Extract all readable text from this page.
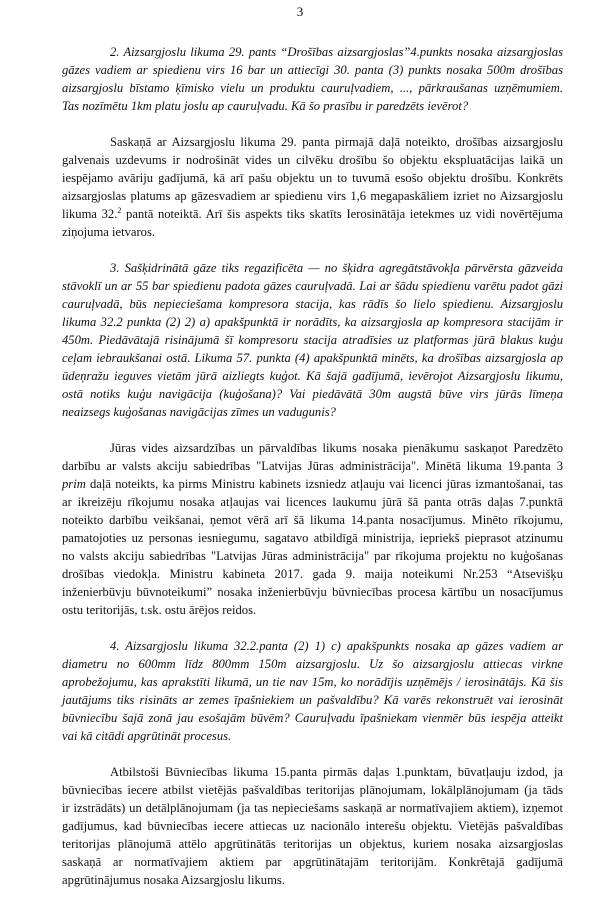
3
2. Aizsargjoslu likuma 29. pants “Drošības aizsargjoslas”4.punkts nosaka aizsargjoslas
gāzes vadiem ar spiedienu virs 16 bar un attiecīgi 30. panta (3) punkts nosaka 500m drošības
aizsargjoslu bīstamo ķīmisko vielu un produktu cauruļvadiem, ..., pārkraušanas uzņēmumiem.
Tas nozīmētu 1km platu joslu ap cauruļvadu. Kā šo prasību ir paredzēts ievērot?
Saskaņā ar Aizsargjoslu likuma 29. panta pirmajā daļā noteikto, drošības aizsargjoslu
galvenais uzdevums ir nodrošināt vides un cilvēku drošību šo objektu ekspluatācijas laikā un
iespējamo avāriju gadījumā, kā arī pašu objektu un to tuvumā esošo objektu drošību. Konkrēts
aizsargjoslas platums ap gāzesvadiem ar spiedienu virs 1,6 megapaskāliem izriet no Aizsargjoslu
likuma 32.$^2$ pantā noteiktā. Arī šis aspekts tiks skatīts Ierosinātāja ietekmes uz vidi novērtējuma
ziņojuma ietvaros.
3. Sašķidrinātā gāze tiks regazificēta — no šķidra agregātstāvokļa pārvērsta gāzveida
stāvoklī un ar 55 bar spiedienu padota gāzes cauruļvadā. Lai ar šādu spiedienu varētu padot gāzi
cauruļvadā, būs nepieciešama kompresora stacija, kas rādīs šo lielo spiedienu. Aizsargjoslu
likuma 32.2 punkta (2) 2) a) apakšpunktā ir norādīts, ka aizsargjosla ap kompresora stacijām ir
450m. Piedāvātajā risinājumā šī kompresoru stacija atradīsies uz platformas jūrā blakus kuģu
ceļam iebraukšanai ostā. Likuma 57. punkta (4) apakšpunktā minēts, ka drošības aizsargjosla ap
ūdeņražu ieguves vietām jūrā aizliegts kuģot. Kā šajā gadījumā, ievērojot Aizsargjoslu likumu,
ostā notiks kuģu navigācija (kuģošana)? Vai piedāvātā 30m augstā būve virs jūrās līmeņa
neaizsegs kuģošanas navigācijas zīmes un vadugunis?
Jūras vides aizsardzības un pārvaldības likums nosaka pienākumu saskaņot Paredzēto
darbību ar valsts akciju sabiedrības "Latvijas Jūras administrācija". Minētā likuma 19.panta 3
prim daļā noteikts, ka pirms Ministru kabinets izsniedz atļauju vai licenci jūras izmantošanai, tas
ar ikreizēju rīkojumu nosaka atļaujas vai licences laukumu jūrā šā panta otrās daļas 7.punktā
noteikto darbību veikšanai, ņemot vērā arī šā likuma 14.panta nosacījumus. Minēto rīkojumu,
pamatojoties uz personas iesniegumu, sagatavo atbildīgā ministrija, iepriekš pieprasot atzinumu
no valsts akciju sabiedrības "Latvijas Jūras administrācija" par rīkojuma projektu no kuģošanas
drošības viedokļa. Ministru kabineta 2017. gada 9. maija noteikumi Nr.253 “Atsevišķu
inženierbūvju būvnoteikumi” nosaka inženierbūvju būvniecības procesa kārtību un nosacījumus
ostu teritorijās, t.sk. ostu ārējos reidos.
4. Aizsargjoslu likuma 32.2.panta (2) 1) c) apakšpunkts nosaka ap gāzes vadiem ar
diametru no 600mm līdz 800mm 150m aizsargjoslu. Uz šo aizsargjoslu attiecas virkne
aprobežojumu, kas aprakstīti likumā, un tie nav 15m, ko norādījis uzņēmējs / ierosinātājs. Kā šis
jautājums tiks risināts ar zemes īpašniekiem un pašvaldību? Kā varēs rekonstruēt vai ierosināt
būvniecību šajā zonā jau esošajām būvēm? Cauruļvadu īpašniekam vienmēr būs iespēja atteikt
vai kā citādi apgrūtināt procesus.
Atbilstoši Būvniecības likuma 15.panta pirmās daļas 1.punktam, būvatļauju izdod, ja
būvniecības iecere atbilst vietējās pašvaldības teritorijas plānojumam, lokālplānojumam (ja tāds
ir izstrādāts) un detālplānojumam (ja tas nepieciešams saskaņā ar normatīvajiem aktiem), izņemot
gadījumus, kad būvniecības iecere attiecas uz nacionālo interešu objektu. Vietējās pašvaldības
teritorijas plānojumā attēlo apgrūtinātās teritorijas un objektus, kuriem nosaka aizsargjoslas
saskaņā ar normatīvajiem aktiem par apgrūtinātajām teritorijām. Konkrētajā gadījumā
apgrūtinājumus nosaka Aizsargjoslu likums.
